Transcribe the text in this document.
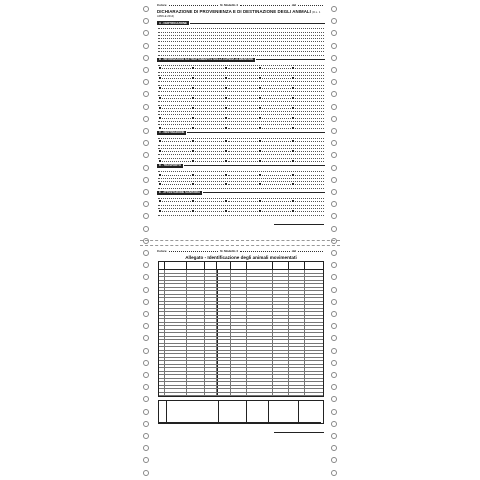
Colore	N. Modello 4	del
DICHIARAZIONE DI PROVENIENZA E DI DESTINAZIONE DEGLI ANIMALI (D.L. 1 APRILE 2014)
A - CERTIFICAZIONE
B - INFORMAZIONI SUI TRATTAMENTI E SULLA CATENA ALIMENTARE
C - DESTINAZIONE
D - TRASPORTO
E - ATTESTAZIONE SANITARIA
Colore	N. Modello 4	del
Allegato - Identificazione degli animali movimentati
